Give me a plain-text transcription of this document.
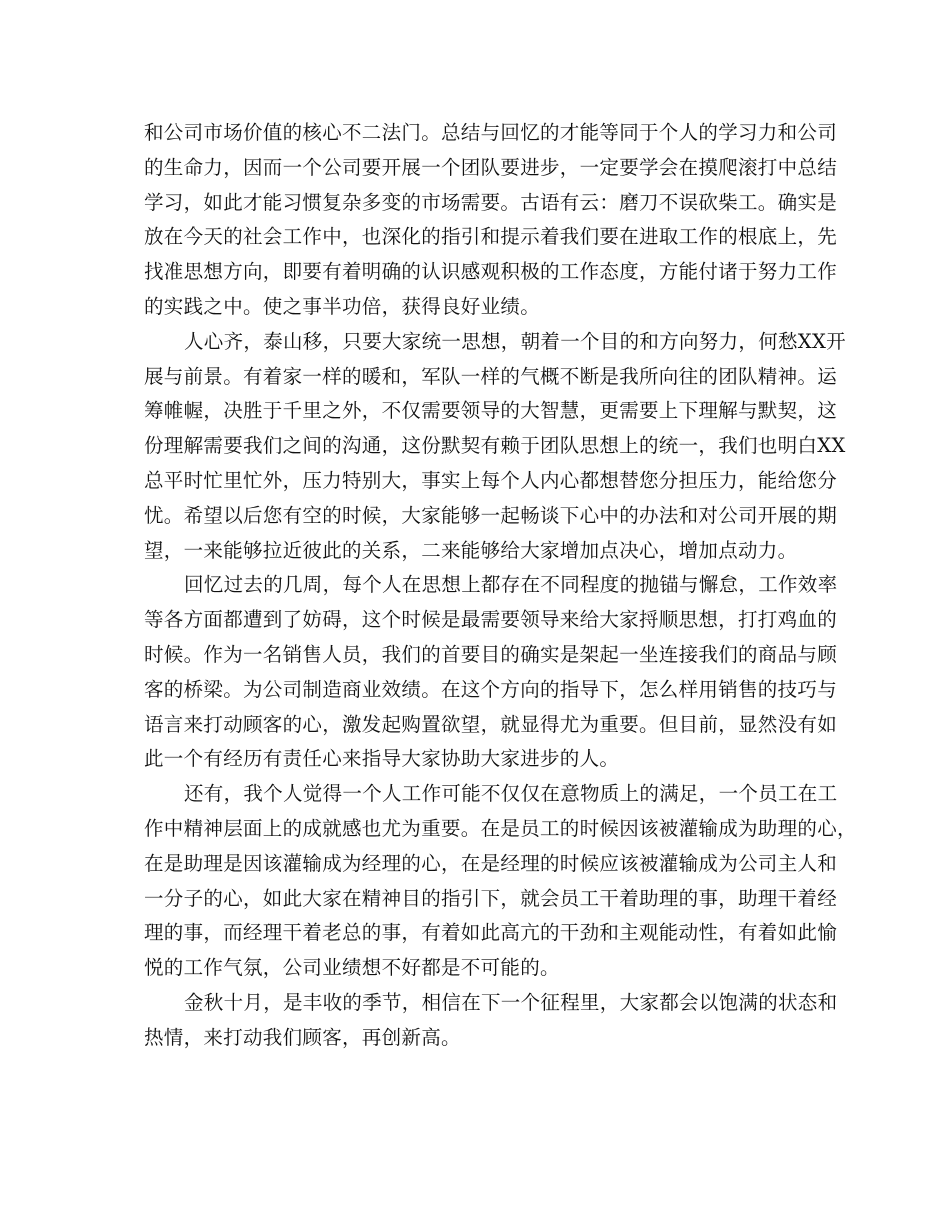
和公司市场价值的核心不二法门。总结与回忆的才能等同于个人的学习力和公司
的生命力，因而一个公司要开展一个团队要进步，一定要学会在摸爬滚打中总结
学习，如此才能习惯复杂多变的市场需要。古语有云：磨刀不误砍柴工。确实是
放在今天的社会工作中，也深化的指引和提示着我们要在进取工作的根底上，先
找准思想方向，即要有着明确的认识感观积极的工作态度，方能付诸于努力工作
的实践之中。使之事半功倍，获得良好业绩。

人心齐，泰山移，只要大家统一思想，朝着一个目的和方向努力，何愁XX开
展与前景。有着家一样的暖和，军队一样的气概不断是我所向往的团队精神。运
筹帷幄，决胜于千里之外，不仅需要领导的大智慧，更需要上下理解与默契，这
份理解需要我们之间的沟通，这份默契有赖于团队思想上的统一，我们也明白XX
总平时忙里忙外，压力特别大，事实上每个人内心都想替您分担压力，能给您分
忧。希望以后您有空的时候，大家能够一起畅谈下心中的办法和对公司开展的期
望，一来能够拉近彼此的关系，二来能够给大家增加点决心，增加点动力。

回忆过去的几周，每个人在思想上都存在不同程度的抛锚与懈怠，工作效率
等各方面都遭到了妨碍，这个时候是最需要领导来给大家捋顺思想，打打鸡血的
时候。作为一名销售人员，我们的首要目的确实是架起一坐连接我们的商品与顾
客的桥梁。为公司制造商业效绩。在这个方向的指导下，怎么样用销售的技巧与
语言来打动顾客的心，激发起购置欲望，就显得尤为重要。但目前，显然没有如
此一个有经历有责任心来指导大家协助大家进步的人。

还有，我个人觉得一个人工作可能不仅仅在意物质上的满足，一个员工在工
作中精神层面上的成就感也尤为重要。在是员工的时候因该被灌输成为助理的心，
在是助理是因该灌输成为经理的心，在是经理的时候应该被灌输成为公司主人和
一分子的心，如此大家在精神目的指引下，就会员工干着助理的事，助理干着经
理的事，而经理干着老总的事，有着如此高亢的干劲和主观能动性，有着如此愉
悦的工作气氛，公司业绩想不好都是不可能的。

金秋十月，是丰收的季节，相信在下一个征程里，大家都会以饱满的状态和
热情，来打动我们顾客，再创新高。
